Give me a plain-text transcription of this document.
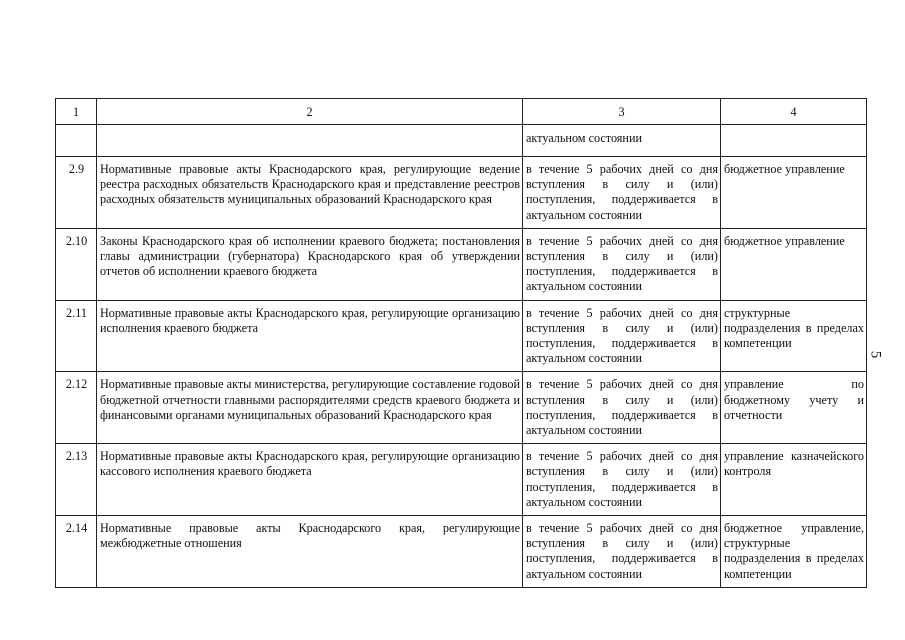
1	2	3	4
		актуальном состоянии	
2.9	Нормативные правовые акты Краснодарского края, регулирующие ведение реестра расходных обязательств Краснодарского края и представление реестров расходных обязательств муниципальных образований Краснодарского края	в течение 5 рабочих дней со дня вступления в силу и (или) поступления, поддерживается в актуальном состоянии	бюджетное управление
2.10	Законы Краснодарского края об исполнении краевого бюджета; постановления главы администрации (губернатора) Краснодарского края об утверждении отчетов об исполнении краевого бюджета	в течение 5 рабочих дней со дня вступления в силу и (или) поступления, поддерживается в актуальном состоянии	бюджетное управление
2.11	Нормативные правовые акты Краснодарского края, регулирующие организацию исполнения краевого бюджета	в течение 5 рабочих дней со дня вступления в силу и (или) поступления, поддерживается в актуальном состоянии	структурные подразделения в пределах компетенции
2.12	Нормативные правовые акты министерства, регулирующие составление годовой бюджетной отчетности главными распорядителями средств краевого бюджета и финансовыми органами муниципальных образований Краснодарского края	в течение 5 рабочих дней со дня вступления в силу и (или) поступления, поддерживается в актуальном состоянии	управление по бюджетному учету и отчетности
2.13	Нормативные правовые акты Краснодарского края, регулирующие организацию кассового исполнения краевого бюджета	в течение 5 рабочих дней со дня вступления в силу и (или) поступления, поддерживается в актуальном состоянии	управление казначейского контроля
2.14	Нормативные правовые акты Краснодарского края, регулирующие межбюджетные отношения	в течение 5 рабочих дней со дня вступления в силу и (или) поступления, поддерживается в актуальном состоянии	бюджетное управление, структурные подразделения в пределах компетенции
5
